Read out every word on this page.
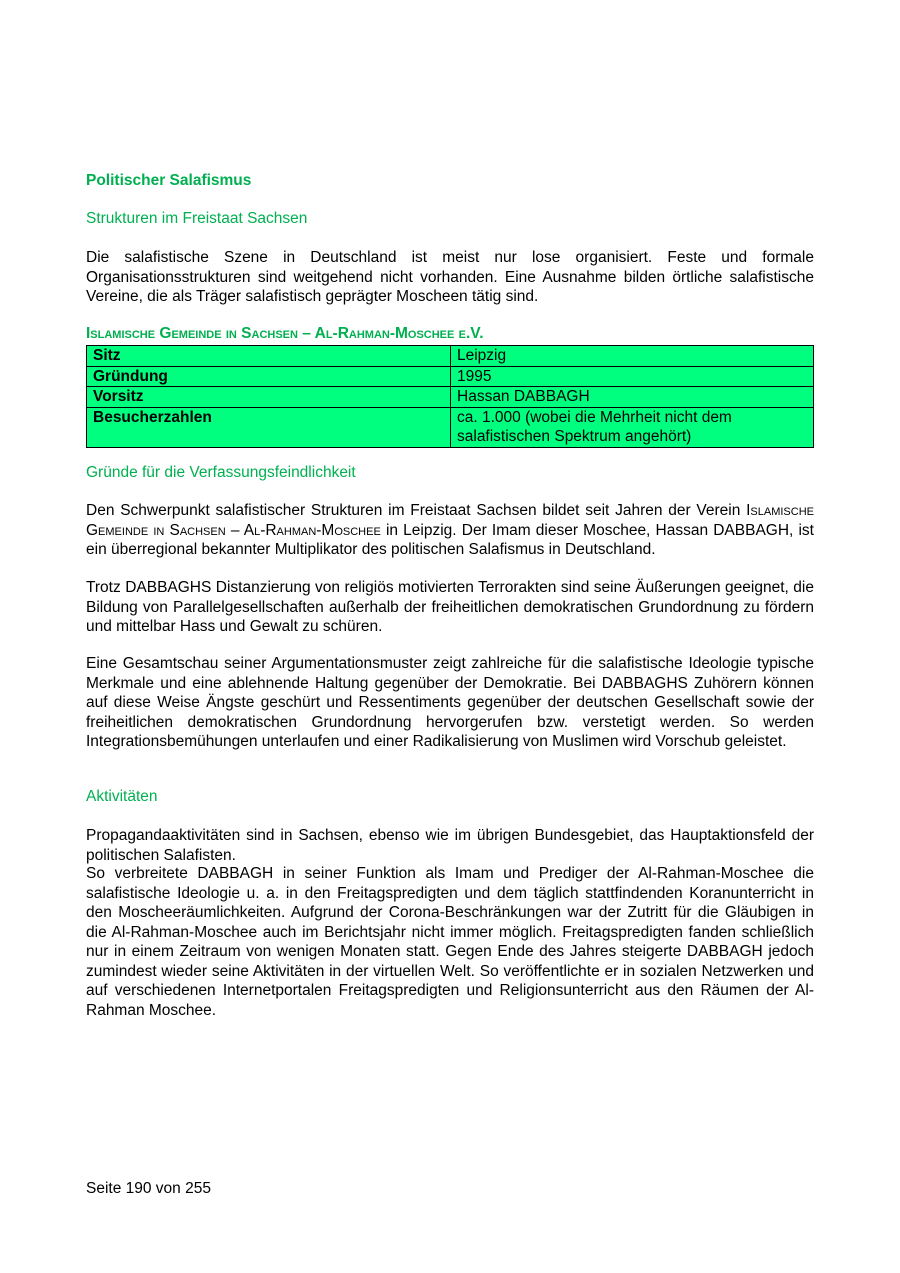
Politischer Salafismus
Strukturen im Freistaat Sachsen

Die salafistische Szene in Deutschland ist meist nur lose organisiert. Feste und formale Organisationsstrukturen sind weitgehend nicht vorhanden. Eine Ausnahme bilden örtliche salafistische Vereine, die als Träger salafistisch geprägter Moscheen tätig sind.

Islamische Gemeinde in Sachsen – Al-Rahman-Moschee e.V.
Sitz	Leipzig
Gründung	1995
Vorsitz	Hassan DABBAGH
Besucherzahlen	ca. 1.000 (wobei die Mehrheit nicht dem salafistischen Spektrum angehört)
Gründe für die Verfassungsfeindlichkeit

Den Schwerpunkt salafistischer Strukturen im Freistaat Sachsen bildet seit Jahren der Verein Islamische Gemeinde in Sachsen – Al-Rahman-Moschee in Leipzig. Der Imam dieser Moschee, Hassan DABBAGH, ist ein überregional bekannter Multiplikator des politischen Salafismus in Deutschland.

Trotz DABBAGHS Distanzierung von religiös motivierten Terrorakten sind seine Äußerungen geeignet, die Bildung von Parallelgesellschaften außerhalb der freiheitlichen demokratischen Grundordnung zu fördern und mittelbar Hass und Gewalt zu schüren.

Eine Gesamtschau seiner Argumentationsmuster zeigt zahlreiche für die salafistische Ideologie typische Merkmale und eine ablehnende Haltung gegenüber der Demokratie. Bei DABBAGHS Zuhörern können auf diese Weise Ängste geschürt und Ressentiments gegenüber der deutschen Gesellschaft sowie der freiheitlichen demokratischen Grundordnung hervorgerufen bzw. verstetigt werden. So werden Integrationsbemühungen unterlaufen und einer Radikalisierung von Muslimen wird Vorschub geleistet.

Aktivitäten

Propagandaaktivitäten sind in Sachsen, ebenso wie im übrigen Bundesgebiet, das Hauptaktionsfeld der politischen Salafisten.

So verbreitete DABBAGH in seiner Funktion als Imam und Prediger der Al-Rahman-Moschee die salafistische Ideologie u. a. in den Freitagspredigten und dem täglich stattfindenden Koranunterricht in den Moscheeräumlichkeiten. Aufgrund der Corona-Beschränkungen war der Zutritt für die Gläubigen in die Al-Rahman-Moschee auch im Berichtsjahr nicht immer möglich. Freitagspredigten fanden schließlich nur in einem Zeitraum von wenigen Monaten statt. Gegen Ende des Jahres steigerte DABBAGH jedoch zumindest wieder seine Aktivitäten in der virtuellen Welt. So veröffentlichte er in sozialen Netzwerken und auf verschiedenen Internetportalen Freitagspredigten und Religionsunterricht aus den Räumen der Al-Rahman Moschee.

Seite 190 von 255
